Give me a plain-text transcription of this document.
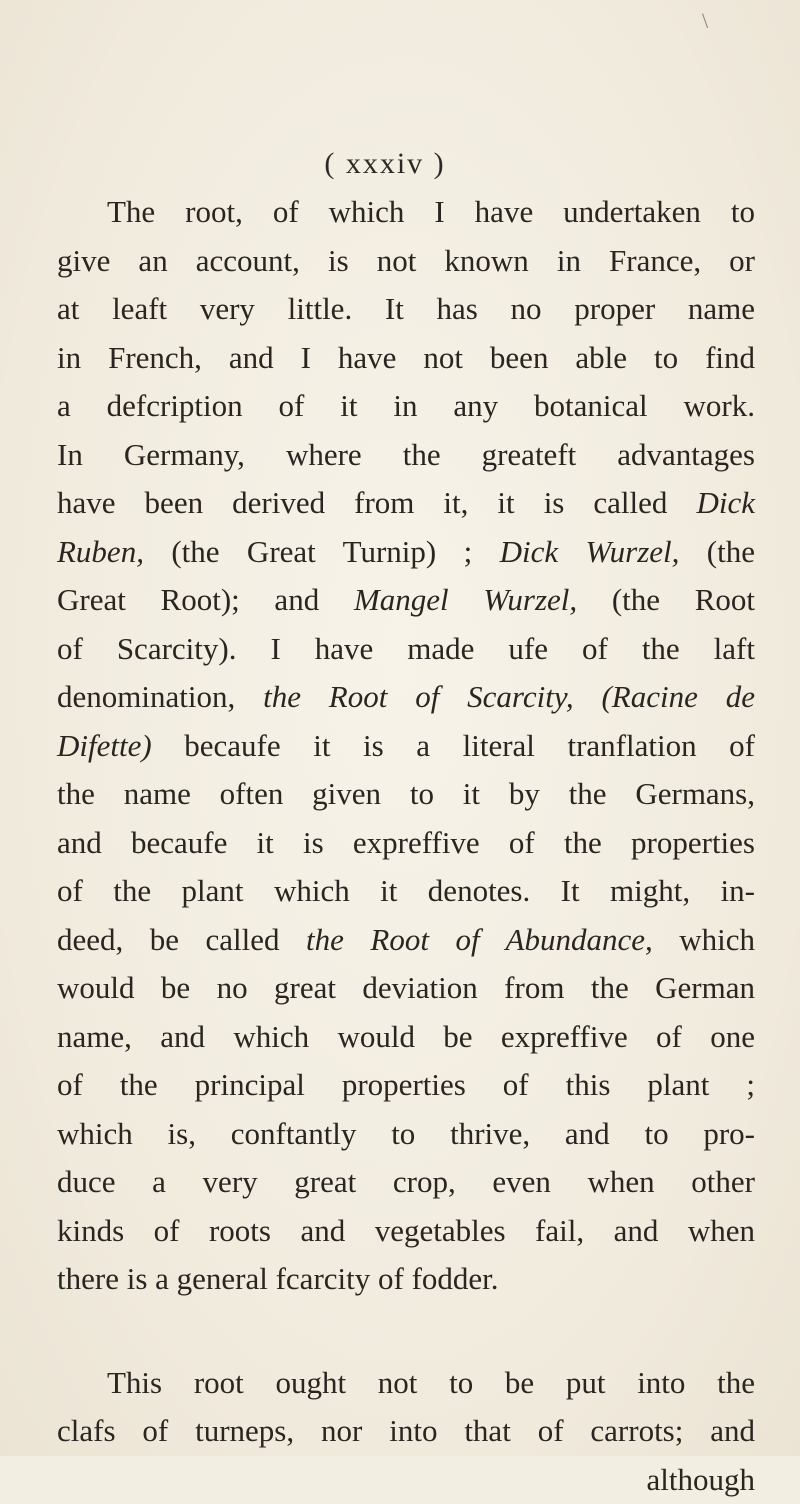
\
( xxxiv )
The root, of which I have undertaken to
give an account, is not known in France, or
at leaft very little. It has no proper name
in French, and I have not been able to find
a defcription of it in any botanical work.
In Germany, where the greateft advantages
have been derived from it, it is called Dick
Ruben, (the Great Turnip) ; Dick Wurzel, (the
Great Root); and Mangel Wurzel, (the Root
of Scarcity). I have made ufe of the laft
denomination, the Root of Scarcity, (Racine de
Difette) becaufe it is a literal tranflation of
the name often given to it by the Germans,
and becaufe it is expreffive of the properties
of the plant which it denotes. It might, in-
deed, be called the Root of Abundance, which
would be no great deviation from the German
name, and which would be expreffive of one
of the principal properties of this plant ;
which is, conftantly to thrive, and to pro-
duce a very great crop, even when other
kinds of roots and vegetables fail, and when
there is a general fcarcity of fodder.
This root ought not to be put into the
clafs of turneps, nor into that of carrots; and
although
